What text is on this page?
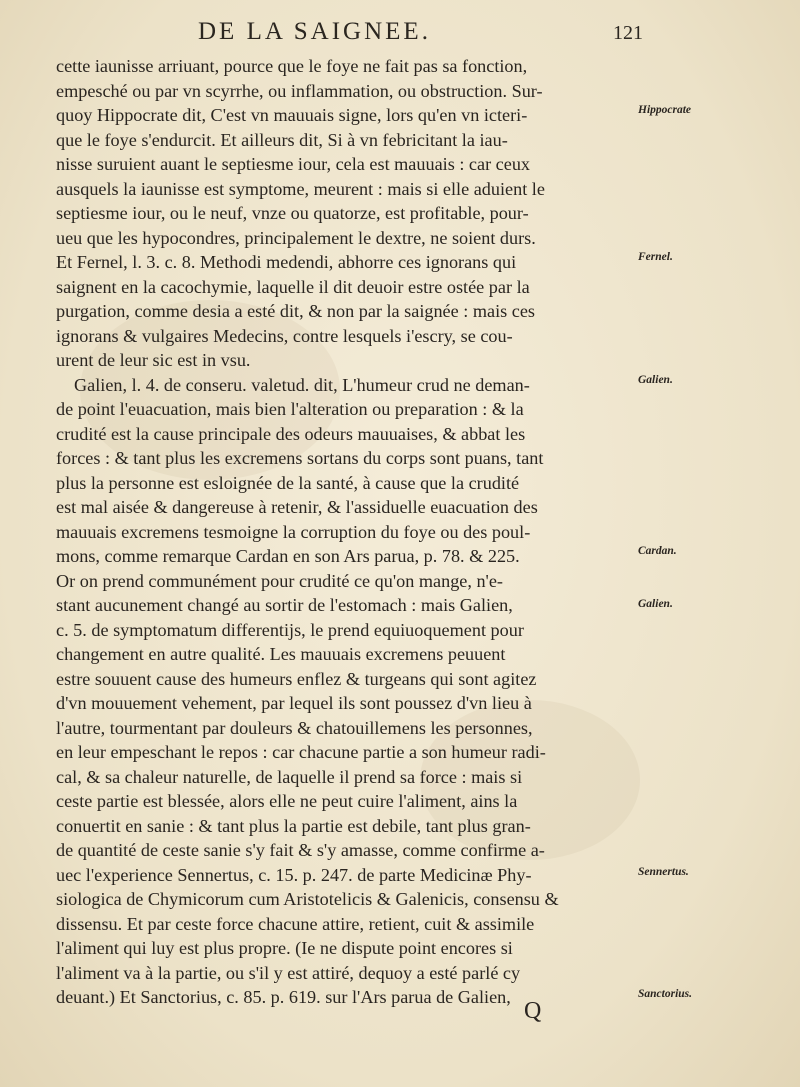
DE LA SAIGNEE.	121
cette iaunisse arriuant, pource que le foye ne fait pas sa fonction,
empesché ou par vn scyrrhe, ou inflammation, ou obstruction. Sur-
quoy Hippocrate dit, C'est vn mauuais signe, lors qu'en vn icteri-
que le foye s'endurcit. Et ailleurs dit, Si à vn febricitant la iau-
nisse suruient auant le septiesme iour, cela est mauuais : car ceux
ausquels la iaunisse est symptome, meurent : mais si elle aduient le
septiesme iour, ou le neuf, vnze ou quatorze, est profitable, pour-
ueu que les hypocondres, principalement le dextre, ne soient durs.
Et Fernel, l. 3. c. 8. Methodi medendi, abhorre ces ignorans qui
saignent en la cacochymie, laquelle il dit deuoir estre ostée par la
purgation, comme desia a esté dit, & non par la saignée : mais ces
ignorans & vulgaires Medecins, contre lesquels i'escry, se cou-
urent de leur sic est in vsu.
Galien, l. 4. de conseru. valetud. dit, L'humeur crud ne deman-
de point l'euacuation, mais bien l'alteration ou preparation : & la
crudité est la cause principale des odeurs mauuaises, & abbat les
forces : & tant plus les excremens sortans du corps sont puans, tant
plus la personne est esloignée de la santé, à cause que la crudité
est mal aisée & dangereuse à retenir, & l'assiduelle euacuation des
mauuais excremens tesmoigne la corruption du foye ou des poul-
mons, comme remarque Cardan en son Ars parua, p. 78. & 225.
Or on prend communément pour crudité ce qu'on mange, n'e-
stant aucunement changé au sortir de l'estomach : mais Galien,
c. 5. de symptomatum differentijs, le prend equiuoquement pour
changement en autre qualité. Les mauuais excremens peuuent
estre souuent cause des humeurs enflez & turgeans qui sont agitez
d'vn mouuement vehement, par lequel ils sont poussez d'vn lieu à
l'autre, tourmentant par douleurs & chatouillemens les personnes,
en leur empeschant le repos : car chacune partie a son humeur radi-
cal, & sa chaleur naturelle, de laquelle il prend sa force : mais si
ceste partie est blessée, alors elle ne peut cuire l'aliment, ains la
conuertit en sanie : & tant plus la partie est debile, tant plus gran-
de quantité de ceste sanie s'y fait & s'y amasse, comme confirme a-
uec l'experience Sennertus, c. 15. p. 247. de parte Medicinæ Phy-
siologica de Chymicorum cum Aristotelicis & Galenicis, consensu &
dissensu. Et par ceste force chacune attire, retient, cuit & assimile
l'aliment qui luy est plus propre. (Ie ne dispute point encores si
l'aliment va à la partie, ou s'il y est attiré, dequoy a esté parlé cy
deuant.) Et Sanctorius, c. 85. p. 619. sur l'Ars parua de Galien,
Hippocrate
Fernel.
Galien.
Cardan.
Galien.
Sennertus.
Sanctorius.
Q
